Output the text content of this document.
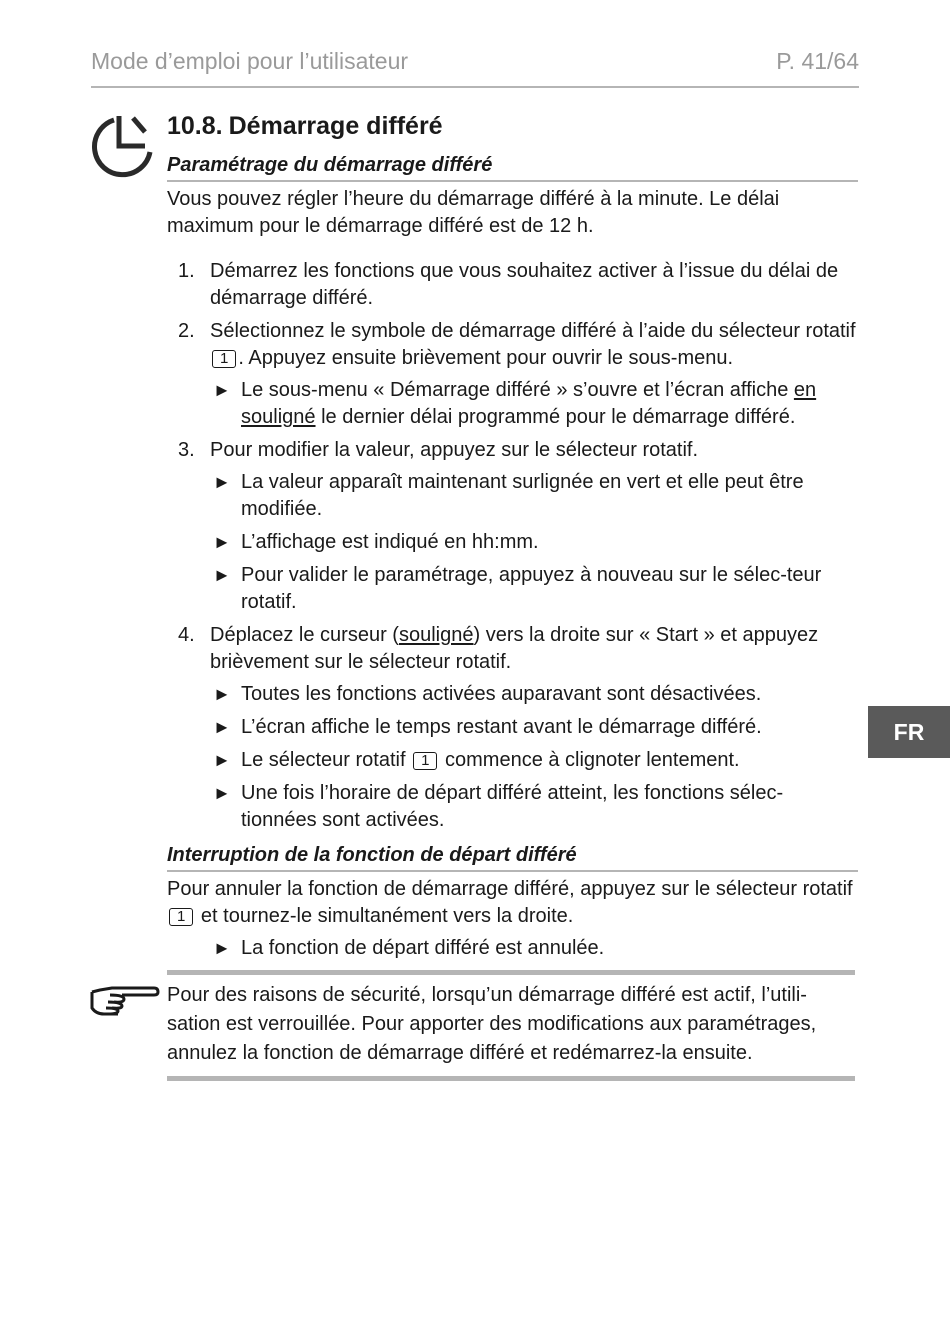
Mode d’emploi pour l’utilisateur	P. 41/64
10.8. Démarrage différé
Paramétrage du démarrage différé
Vous pouvez régler l’heure du démarrage différé à la minute. Le délai maximum pour le démarrage différé est de 12 h.
1. Démarrez les fonctions que vous souhaitez activer à l’issue du délai de démarrage différé.
2. Sélectionnez le symbole de démarrage différé à l’aide du sélecteur rotatif 1 . Appuyez ensuite brièvement pour ouvrir le sous-menu.
► Le sous-menu « Démarrage différé » s’ouvre et l’écran affiche en souligné le dernier délai programmé pour le démarrage différé.
3. Pour modifier la valeur, appuyez sur le sélecteur rotatif.
► La valeur apparaît maintenant surlignée en vert et elle peut être modifiée.
► L’affichage est indiqué en hh:mm.
► Pour valider le paramétrage, appuyez à nouveau sur le sélec-teur rotatif.
4. Déplacez le curseur (souligné) vers la droite sur « Start » et appuyez brièvement sur le sélecteur rotatif.
► Toutes les fonctions activées auparavant sont désactivées.
► L’écran affiche le temps restant avant le démarrage différé.
► Le sélecteur rotatif 1 commence à clignoter lentement.
► Une fois l’horaire de départ différé atteint, les fonctions sélec-tionnées sont activées.
Interruption de la fonction de départ différé
Pour annuler la fonction de démarrage différé, appuyez sur le sélecteur rotatif 1 et tournez-le simultanément vers la droite.
► La fonction de départ différé est annulée.
Pour des raisons de sécurité, lorsqu’un démarrage différé est actif, l’utili-sation est verrouillée. Pour apporter des modifications aux paramétrages, annulez la fonction de démarrage différé et redémarrez-la ensuite.
FR
